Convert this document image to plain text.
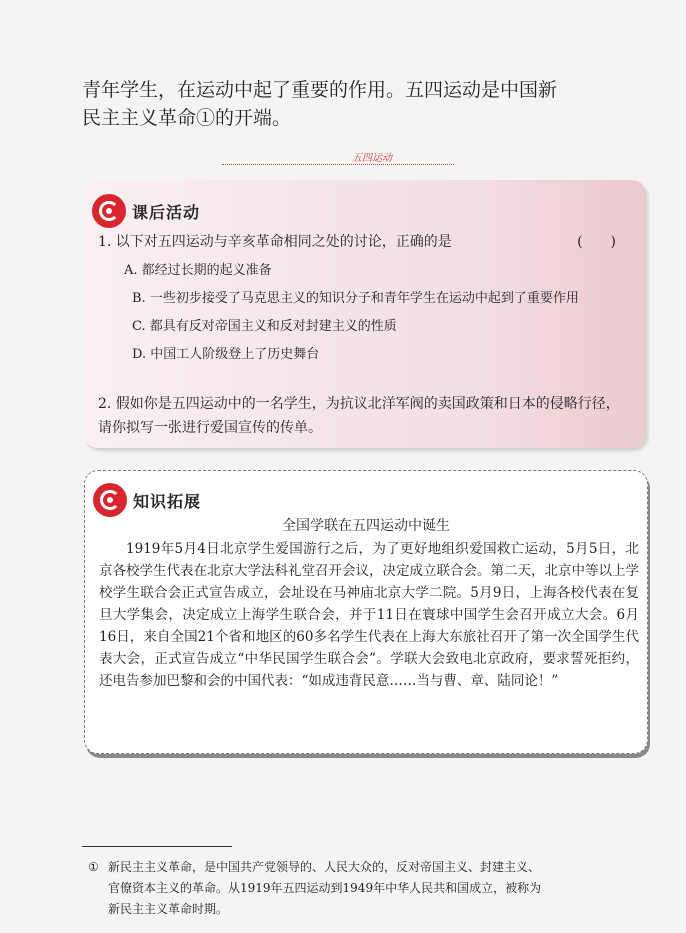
青年学生，在运动中起了重要的作用。五四运动是中国新
民主主义革命①的开端。
五四运动
课后活动
1. 以下对五四运动与辛亥革命相同之处的讨论，正确的是	(　　)
A. 都经过长期的起义准备
B. 一些初步接受了马克思主义的知识分子和青年学生在运动中起到了重要作用
C. 都具有反对帝国主义和反对封建主义的性质
D. 中国工人阶级登上了历史舞台
2. 假如你是五四运动中的一名学生，为抗议北洋军阀的卖国政策和日本的侵略行径，请你拟写一张进行爱国宣传的传单。
知识拓展
全国学联在五四运动中诞生
1919年5月4日北京学生爱国游行之后，为了更好地组织爱国救亡运动，5月5日，北京各校学生代表在北京大学法科礼堂召开会议，决定成立联合会。第二天，北京中等以上学校学生联合会正式宣告成立，会址设在马神庙北京大学二院。5月9日，上海各校代表在复旦大学集会，决定成立上海学生联合会，并于11日在寰球中国学生会召开成立大会。6月16日，来自全国21个省和地区的60多名学生代表在上海大东旅社召开了第一次全国学生代表大会，正式宣告成立“中华民国学生联合会”。学联大会致电北京政府，要求誓死拒约，还电告参加巴黎和会的中国代表：“如成违背民意……当与曹、章、陆同论！”
① 新民主主义革命，是中国共产党领导的、人民大众的，反对帝国主义、封建主义、官僚资本主义的革命。从1919年五四运动到1949年中华人民共和国成立，被称为新民主主义革命时期。
